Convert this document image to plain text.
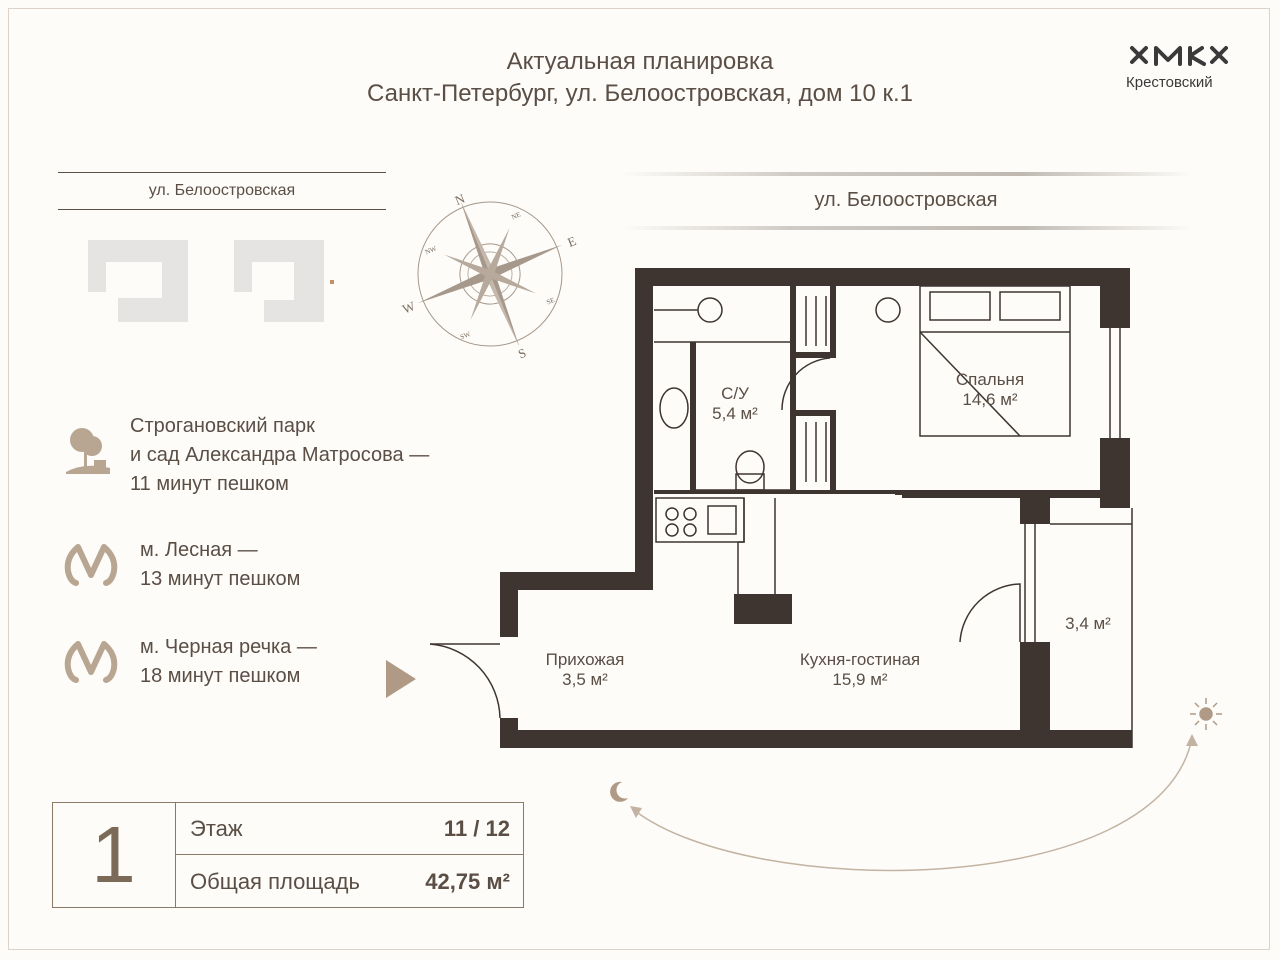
Актуальная планировка
Санкт-Петербург, ул. Белоостровская, дом 10 к.1	Крестовский
ул. Белоостровская
N
E
S
W
NE
NW
SE
SW
ул. Белоостровская
Строгановский парк
и сад Александра Матросова —
11 минут пешком
м. Лесная —
13 минут пешком
м. Черная речка —
18 минут пешком
С/У
5,4 м²
Спальня
14,6 м²
3,4 м²
Прихожая
3,5 м²
Кухня-гостиная
15,9 м²
1	Этаж	11 / 12
Общая площадь	42,75 м²
